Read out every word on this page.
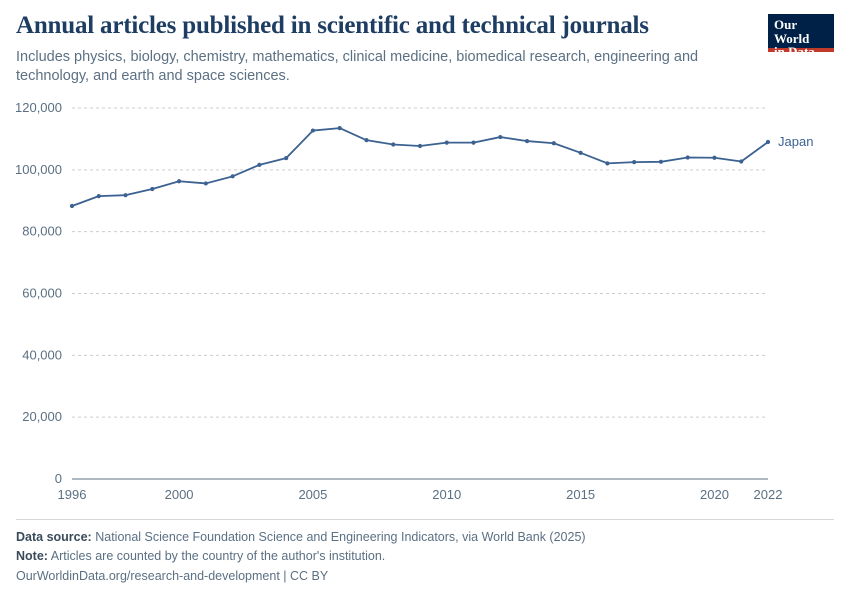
Annual articles published in scientific and technical journals

Includes physics, biology, chemistry, mathematics, clinical medicine, biomedical research, engineering and technology, and earth and space sciences.

Our World
in Data
0
20,000
40,000
60,000
80,000
100,000
120,000
1996	2000	2005	2010	2015	2020 2022
Japan
Data source: National Science Foundation Science and Engineering Indicators, via World Bank (2025)
Note: Articles are counted by the country of the author's institution.
OurWorldinData.org/research-and-development | CC BY
